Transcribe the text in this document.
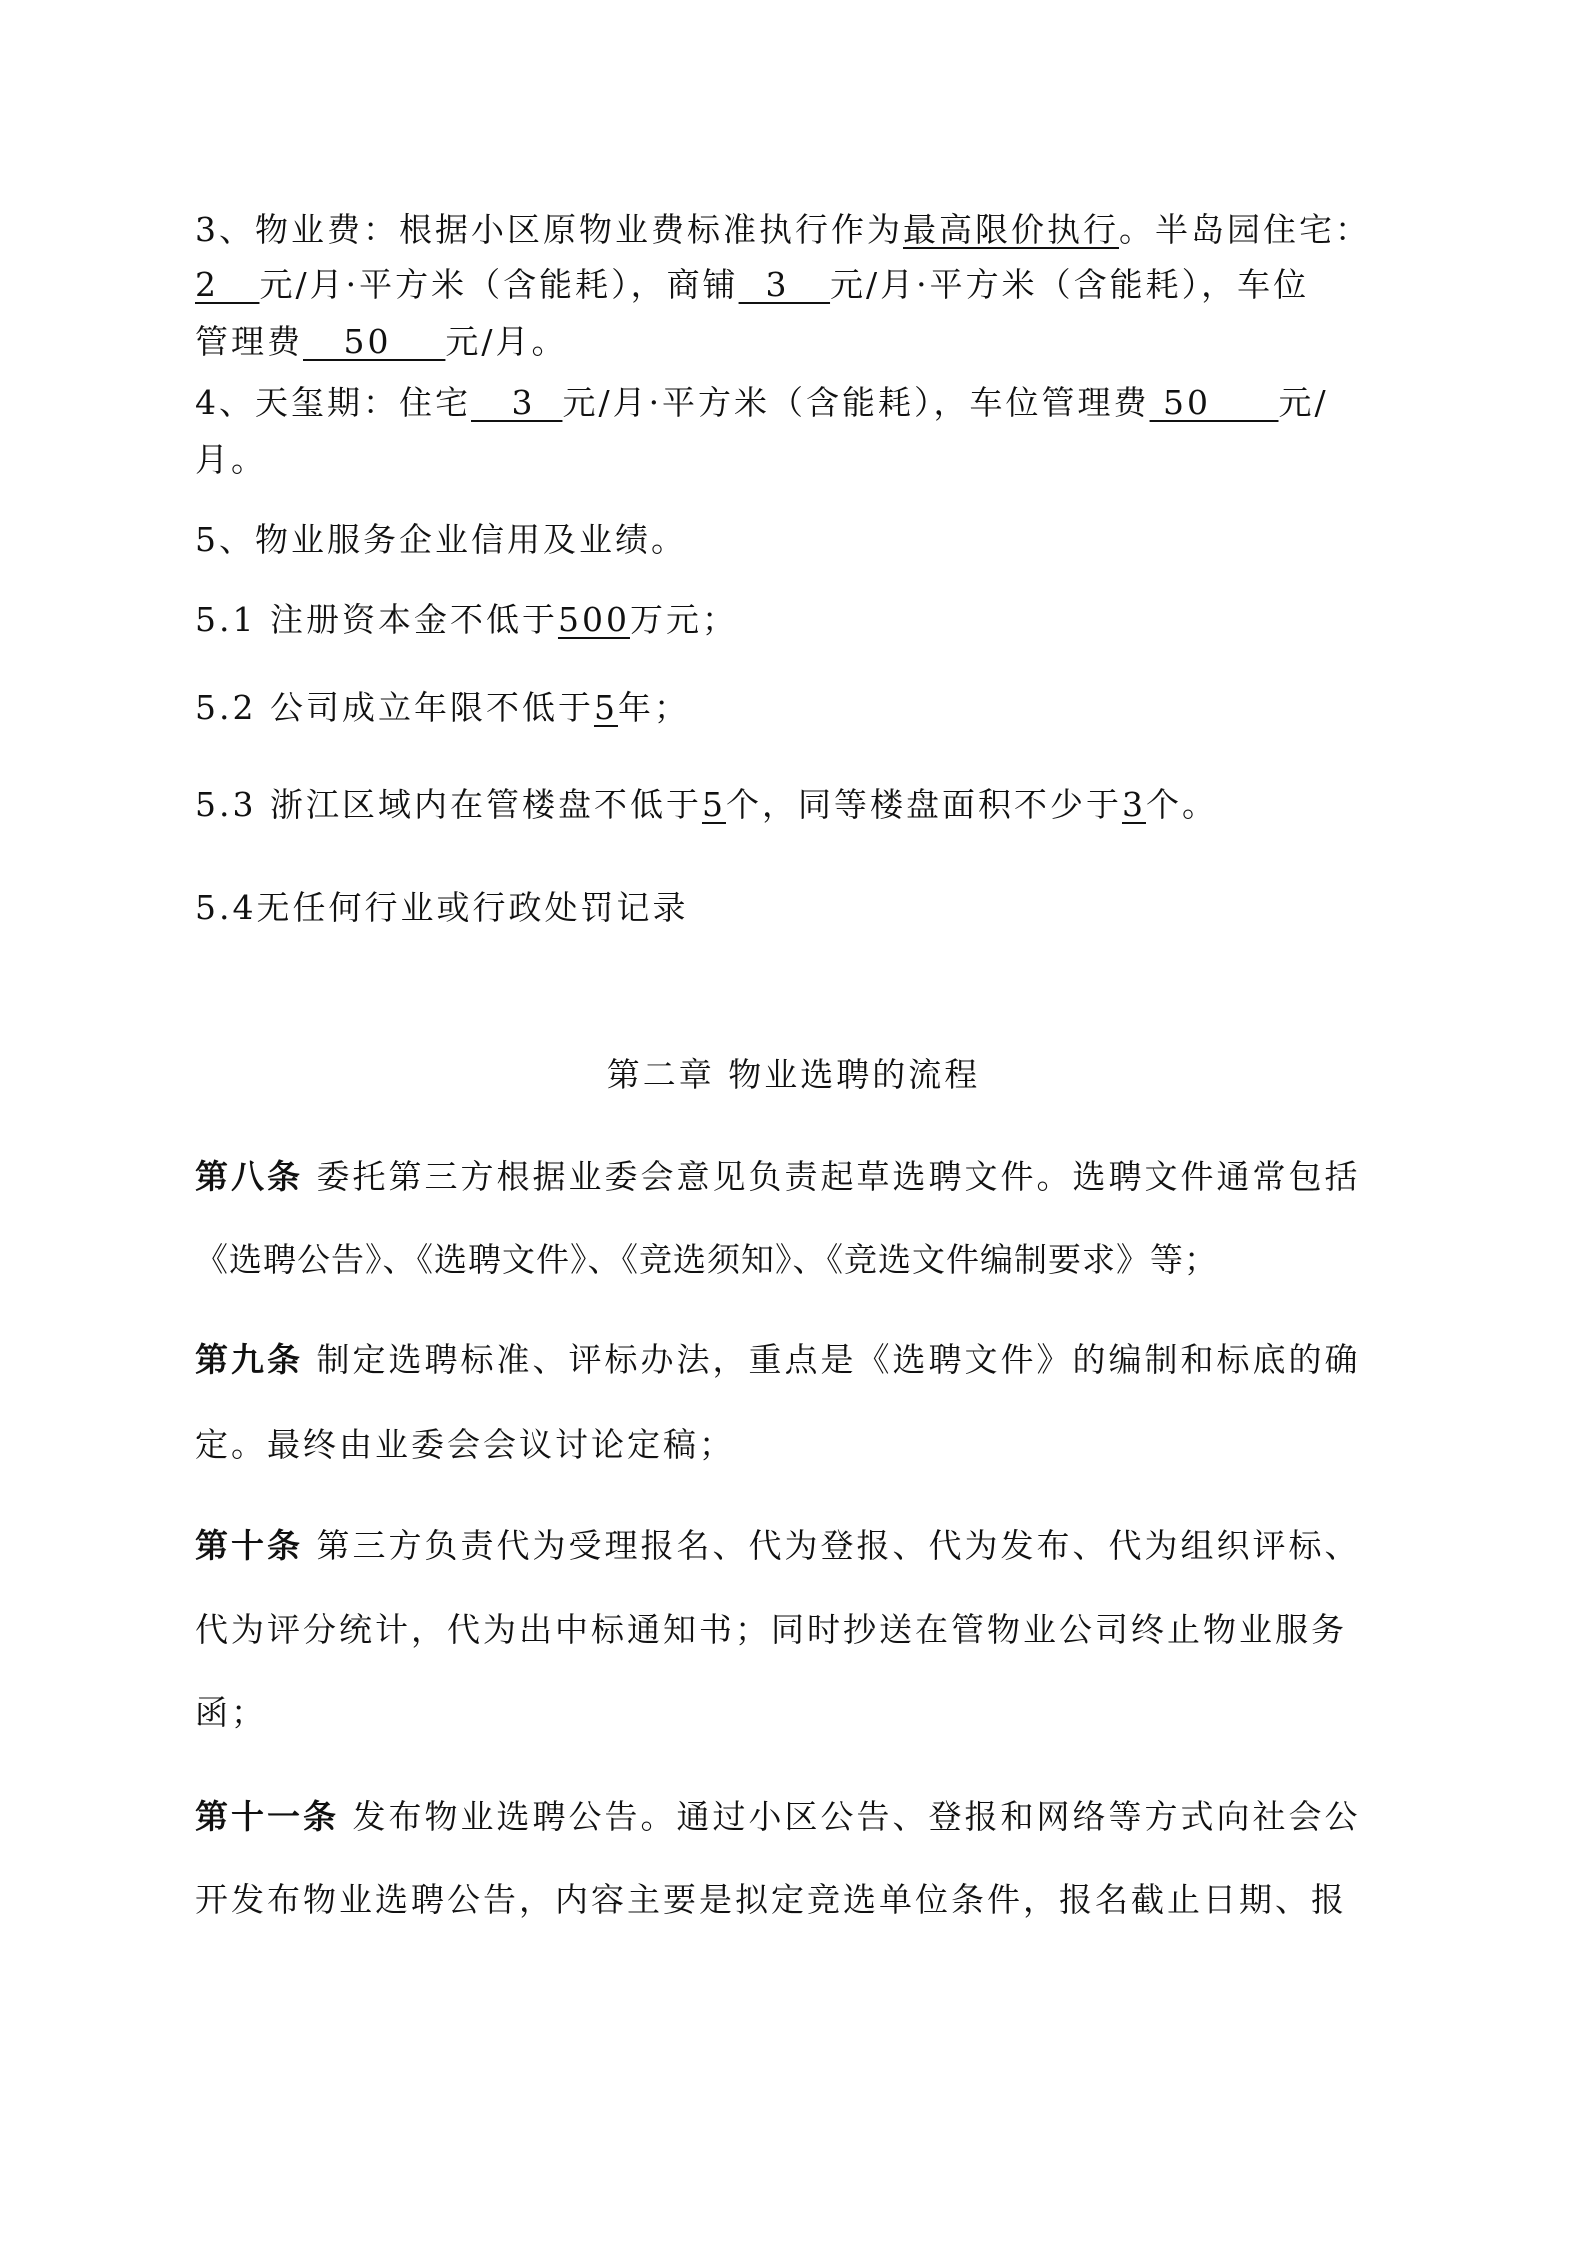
3、物业费：根据小区原物业费标准执行作为最高限价执行。半岛园住宅：
2   元/月·平方米（含能耗），商铺  3   元/月·平方米（含能耗），车位
管理费   50    元/月。
4、天玺期：住宅   3  元/月·平方米（含能耗），车位管理费 50     元/
月。
5、物业服务企业信用及业绩。
5.1 注册资本金不低于500万元；
5.2 公司成立年限不低于5年；
5.3 浙江区域内在管楼盘不低于5个，同等楼盘面积不少于3个。
5.4无任何行业或行政处罚记录
第二章 物业选聘的流程
第八条 委托第三方根据业委会意见负责起草选聘文件。选聘文件通常包括
《选聘公告》、《选聘文件》、《竞选须知》、《竞选文件编制要求》等；
第九条 制定选聘标准、评标办法，重点是《选聘文件》的编制和标底的确
定。最终由业委会会议讨论定稿；
第十条 第三方负责代为受理报名、代为登报、代为发布、代为组织评标、
代为评分统计，代为出中标通知书；同时抄送在管物业公司终止物业服务
函；
第十一条 发布物业选聘公告。通过小区公告、登报和网络等方式向社会公
开发布物业选聘公告，内容主要是拟定竞选单位条件，报名截止日期、报
